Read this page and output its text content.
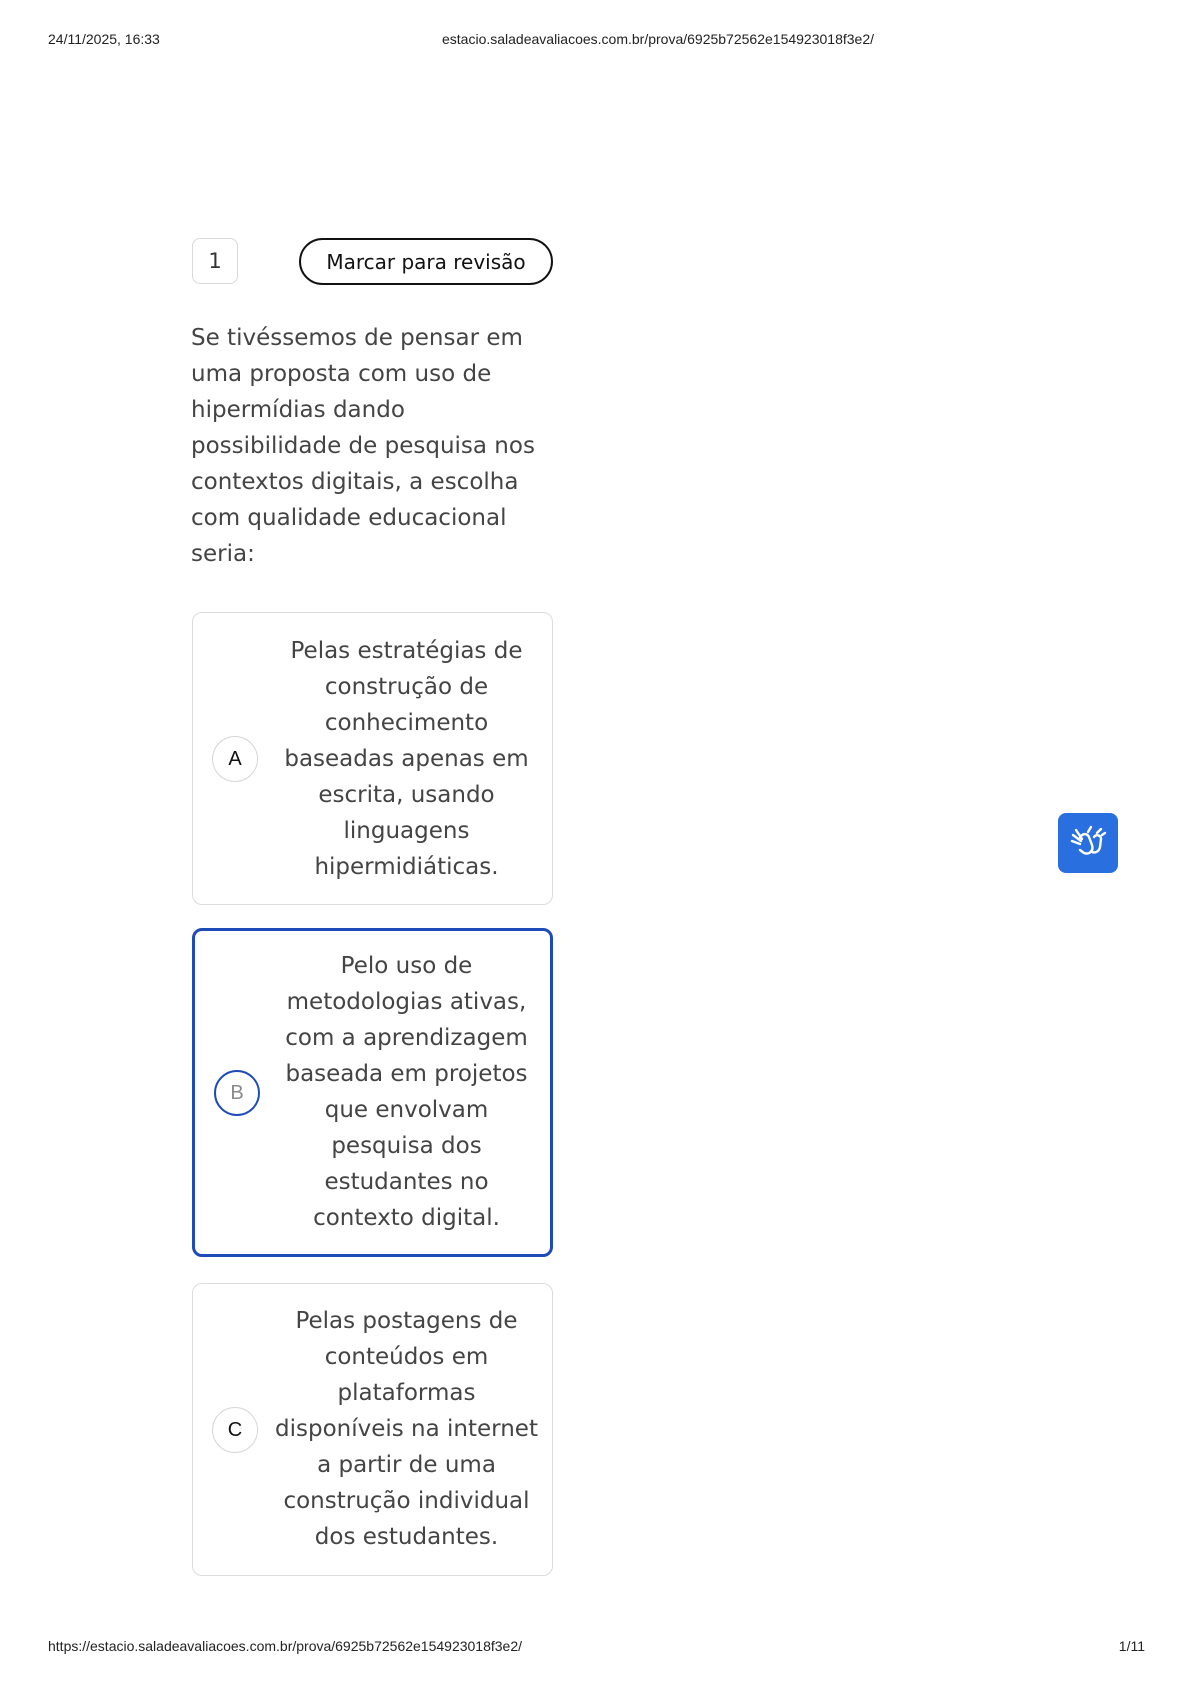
24/11/2025, 16:33	estacio.saladeavaliacoes.com.br/prova/6925b72562e154923018f3e2/
1	Marcar para revisão
Se tivéssemos de pensar em uma proposta com uso de hipermídias dando possibilidade de pesquisa nos contextos digitais, a escolha com qualidade educacional seria:
A
Pelas estratégias de construção de conhecimento baseadas apenas em escrita, usando linguagens hipermidiáticas.
B
Pelo uso de metodologias ativas, com a aprendizagem baseada em projetos que envolvam pesquisa dos estudantes no contexto digital.
C
Pelas postagens de conteúdos em plataformas disponíveis na internet a partir de uma construção individual dos estudantes.
https://estacio.saladeavaliacoes.com.br/prova/6925b72562e154923018f3e2/	1/11
